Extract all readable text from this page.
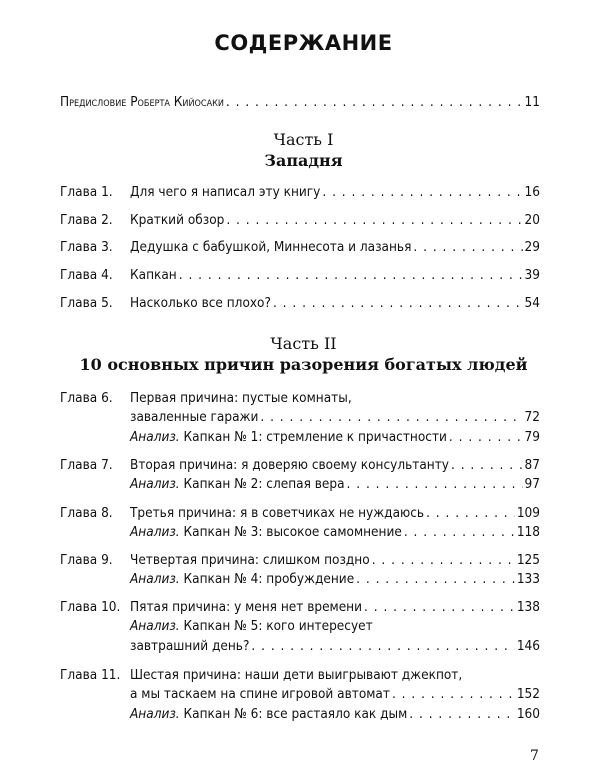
СОДЕРЖАНИЕ
Предисловие Роберта Кийосаки . . .	11
Часть I
Западня
Глава 1.	Для чего я написал эту книгу . . .	16
Глава 2.	Краткий обзор . . .	20
Глава 3.	Дедушка с бабушкой, Миннесота и лазанья . . .	29
Глава 4.	Капкан . . .	39
Глава 5.	Насколько все плохо? . . .	54
Часть II
10 основных причин разорения богатых людей
Глава 6.	Первая причина: пустые комнаты,
заваленные гаражи . . .	72
Анализ. Капкан № 1: стремление к причастности . . .	79
Глава 7.	Вторая причина: я доверяю своему консультанту . . .	87
Анализ. Капкан № 2: слепая вера . . .	97
Глава 8.	Третья причина: я в советчиках не нуждаюсь . . .	109
Анализ. Капкан № 3: высокое самомнение . . .	118
Глава 9.	Четвертая причина: слишком поздно . . .	125
Анализ. Капкан № 4: пробуждение . . .	133
Глава 10. Пятая причина: у меня нет времени . . .	138
Анализ. Капкан № 5: кого интересует
завтрашний день? . . .	146
Глава 11. Шестая причина: наши дети выигрывают джекпот,
а мы таскаем на спине игровой автомат . . .	152
Анализ. Капкан № 6: все растаяло как дым . . .	160
7
